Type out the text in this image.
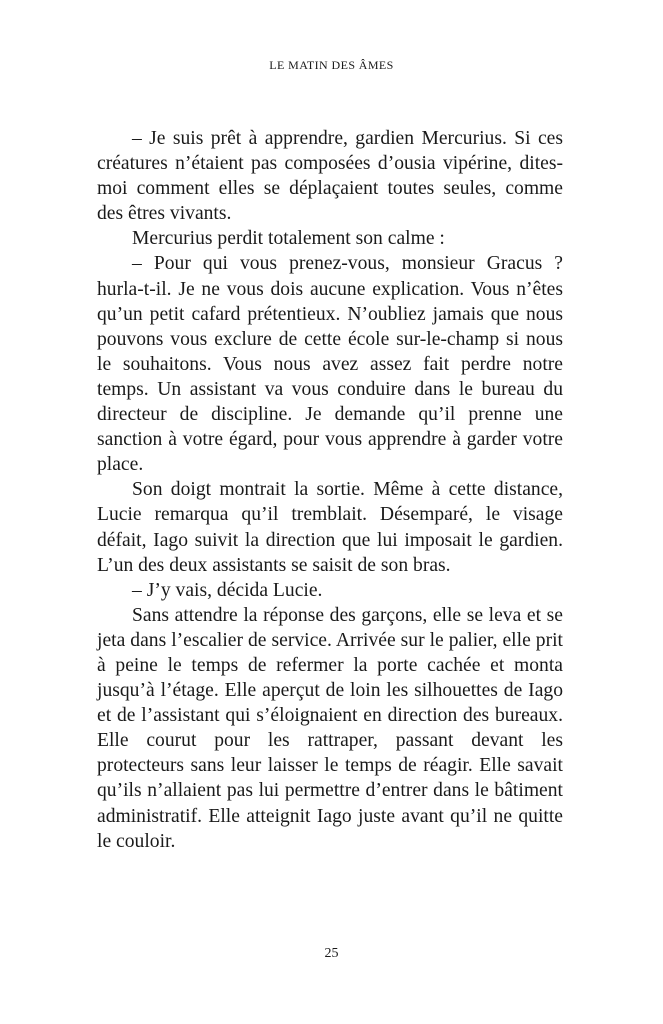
LE MATIN DES ÂMES

– Je suis prêt à apprendre, gardien Mercurius. Si ces créatures n’étaient pas composées d’ousia vipérine, dites-moi comment elles se déplaçaient toutes seules, comme des êtres vivants.

Mercurius perdit totalement son calme :

– Pour qui vous prenez-vous, monsieur Gracus ? hurla-t-il. Je ne vous dois aucune explication. Vous n’êtes qu’un petit cafard prétentieux. N’oubliez jamais que nous pouvons vous exclure de cette école sur-le-champ si nous le souhaitons. Vous nous avez assez fait perdre notre temps. Un assistant va vous conduire dans le bureau du directeur de discipline. Je demande qu’il prenne une sanction à votre égard, pour vous apprendre à garder votre place.

Son doigt montrait la sortie. Même à cette distance, Lucie remarqua qu’il tremblait. Désemparé, le visage défait, Iago suivit la direction que lui imposait le gardien. L’un des deux assistants se saisit de son bras.

– J’y vais, décida Lucie.

Sans attendre la réponse des garçons, elle se leva et se jeta dans l’escalier de service. Arrivée sur le palier, elle prit à peine le temps de refermer la porte cachée et monta jusqu’à l’étage. Elle aperçut de loin les silhouettes de Iago et de l’assistant qui s’éloignaient en direction des bureaux. Elle courut pour les rattraper, passant devant les protecteurs sans leur laisser le temps de réagir. Elle savait qu’ils n’allaient pas lui permettre d’entrer dans le bâtiment administratif. Elle atteignit Iago juste avant qu’il ne quitte le couloir.

25
